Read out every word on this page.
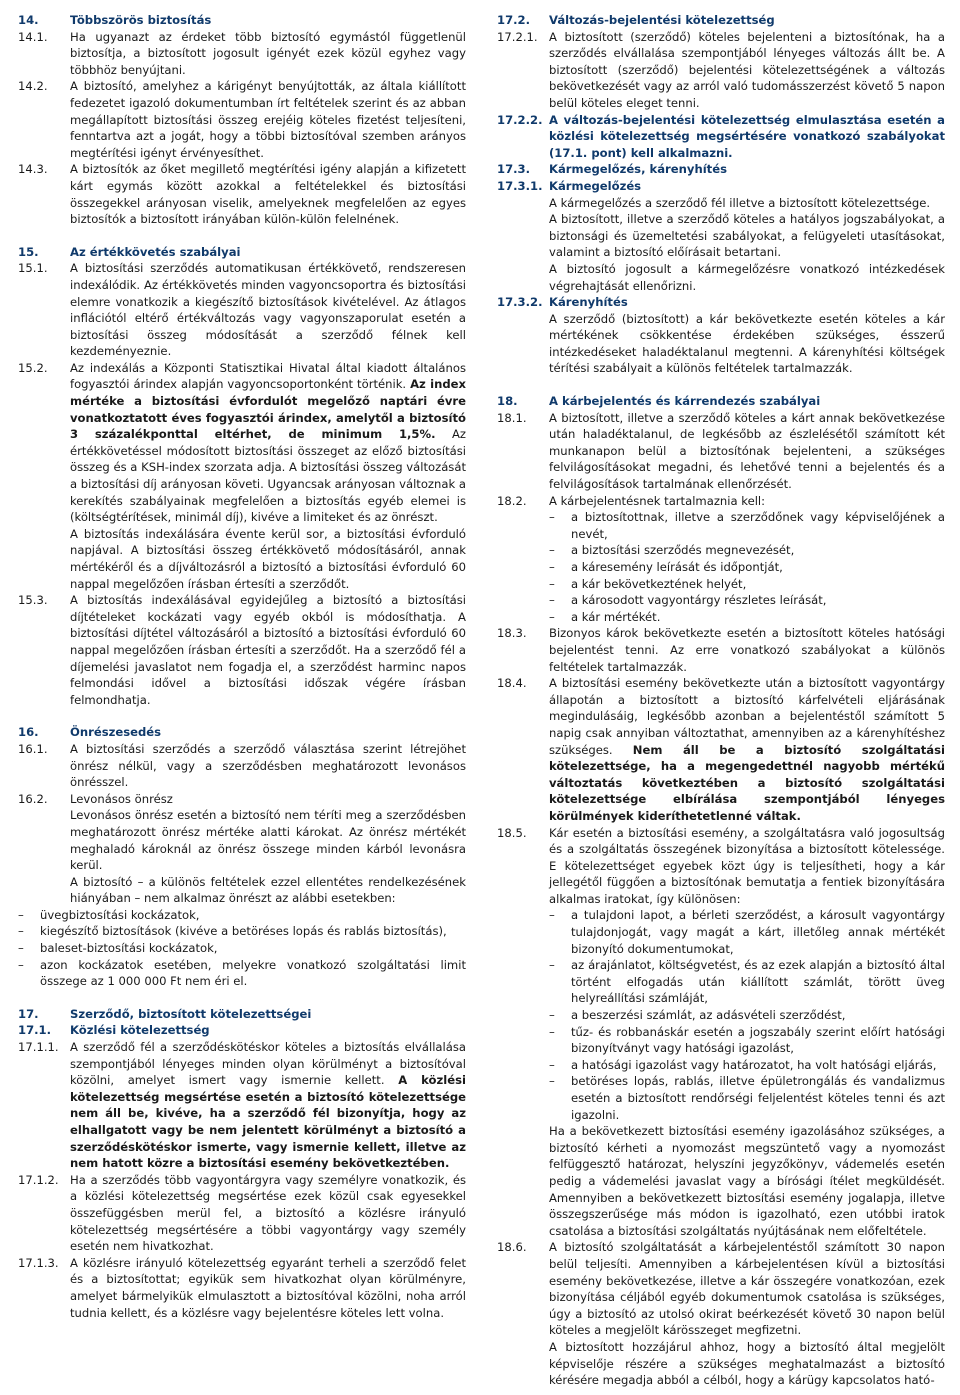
14.	Többszörös biztosítás
14.1.	Ha ugyanazt az érdeket több biztosító egymástól függetlenül biztosítja, a biztosított jogosult igényét ezek közül egyhez vagy többhöz benyújtani.
14.2.	A biztosító, amelyhez a kárigényt benyújtották, az általa kiállított fedezetet igazoló dokumentumban írt feltételek szerint és az abban megállapított biztosítási összeg erejéig köteles fizetést teljesíteni, fenntartva azt a jogát, hogy a többi biztosítóval szemben arányos megtérítési igényt érvényesíthet.
14.3.	A biztosítók az őket megillető megtérítési igény alapján a kifizetett kárt egymás között azokkal a feltételekkel és biztosítási összegekkel arányosan viselik, amelyeknek megfelelően az egyes biztosítók a biztosított irányában külön-külön felelnének.
15.	Az értékkövetés szabályai
15.1.	A biztosítási szerződés automatikusan értékkövető, rendszeresen indexálódik. Az értékkövetés minden vagyoncsoportra és biztosítási elemre vonatkozik a kiegészítő biztosítások kivételével. Az átlagos inflációtól eltérő értékváltozás vagy vagyonszaporulat esetén a biztosítási összeg módosítását a szerződő félnek kell kezdeményeznie.
15.2.	Az indexálás a Központi Statisztikai Hivatal által kiadott általános fogyasztói árindex alapján vagyoncsoportonként történik. Az index mértéke a biztosítási évfordulót megelőző naptári évre vonatkoztatott éves fogyasztói árindex, amelytől a biztosító 3 százalékponttal eltérhet, de minimum 1,5%. Az értékkövetéssel módosított biztosítási összeget az előző biztosítási összeg és a KSH-index szorzata adja. A biztosítási összeg változását a biztosítási díj arányosan követi. Ugyancsak arányosan változnak a kerekítés szabályainak megfelelően a biztosítás egyéb elemei is (költségtérítések, minimál díj), kivéve a limiteket és az önrészt.

A biztosítás indexálására évente kerül sor, a biztosítási évforduló napjával. A biztosítási összeg értékkövető módosításáról, annak mértékéről és a díjváltozásról a biztosító a biztosítási évforduló 60 nappal megelőzően írásban értesíti a szerződőt.

15.3.	A biztosítás indexálásával egyidejűleg a biztosító a biztosítási díjtételeket kockázati vagy egyéb okból is módosíthatja. A biztosítási díjtétel változásáról a biztosító a biztosítási évforduló 60 nappal megelőzően írásban értesíti a szerződőt. Ha a szerződő fél a díjemelési javaslatot nem fogadja el, a szerződést harminc napos felmondási idővel a biztosítási időszak végére írásban felmondhatja.
16.	Önrészesedés
16.1.	A biztosítási szerződés a szerződő választása szerint létrejöhet önrész nélkül, vagy a szerződésben meghatározott levonásos önrésszel.
16.2.	Levonásos önrész

Levonásos önrész esetén a biztosító nem téríti meg a szerződésben meghatározott önrész mértéke alatti károkat. Az önrész mértékét meghaladó károknál az önrész összege minden kárból levonásra kerül.

A biztosító – a különös feltételek ezzel ellentétes rendelkezésének hiányában – nem alkalmaz önrészt az alábbi esetekben:

– üvegbiztosítási kockázatok,
– kiegészítő biztosítások (kivéve a betöréses lopás és rablás biztosítás),
– baleset-biztosítási kockázatok,
– azon kockázatok esetében, melyekre vonatkozó szolgáltatási limit összege az 1 000 000 Ft nem éri el.
17.	Szerződő, biztosított kötelezettségei
17.1.	Közlési kötelezettség
17.1.1. A szerződő fél a szerződéskötéskor köteles a biztosítás elvállalása szempontjából lényeges minden olyan körülményt a biztosítóval közölni, amelyet ismert vagy ismernie kellett. A közlési kötelezettség megsértése esetén a biztosító kötelezettsége nem áll be, kivéve, ha a szerződő fél bizonyítja, hogy az elhallgatott vagy be nem jelentett körülményt a biztosító a szerződéskötéskor ismerte, vagy ismernie kellett, illetve az nem hatott közre a biztosítási esemény bekövetkeztében.
17.1.2. Ha a szerződés több vagyontárgyra vagy személyre vonatkozik, és a közlési kötelezettség megsértése ezek közül csak egyesekkel összefüggésben merül fel, a biztosító a közlésre irányuló kötelezettség megsértésére a többi vagyontárgy vagy személy esetén nem hivatkozhat.
17.1.3. A közlésre irányuló kötelezettség egyaránt terheli a szerződő felet és a biztosítottat; egyikük sem hivatkozhat olyan körülményre, amelyet bármelyikük elmulasztott a biztosítóval közölni, noha arról tudnia kellett, és a közlésre vagy bejelentésre köteles lett volna.
17.2.	Változás-bejelentési kötelezettség
17.2.1. A biztosított (szerződő) köteles bejelenteni a biztosítónak, ha a szerződés elvállalása szempontjából lényeges változás állt be. A biztosított (szerződő) bejelentési kötelezettségének a változás bekövetkezését vagy az arról való tudomásszerzést követő 5 napon belül köteles eleget tenni.
17.2.2. A változás-bejelentési kötelezettség elmulasztása esetén a közlési kötelezettség megsértésére vonatkozó szabályokat (17.1. pont) kell alkalmazni.
17.3.	Kármegelőzés, kárenyhítés
17.3.1. Kármegelőzés

A kármegelőzés a szerződő fél illetve a biztosított kötelezettsége.

A biztosított, illetve a szerződő köteles a hatályos jogszabályokat, a biztonsági és üzemeltetési szabályokat, a felügyeleti utasításokat, valamint a biztosító előírásait betartani.

A biztosító jogosult a kármegelőzésre vonatkozó intézkedések végrehajtását ellenőrizni.

17.3.2. Kárenyhítés
A szerződő (biztosított) a kár bekövetkezte esetén köteles a kár mértékének csökkentése érdekében szükséges, ésszerű intézkedéseket haladéktalanul megtenni. A kárenyhítési költségek térítési szabályait a különös feltételek tartalmazzák.
18.	A kárbejelentés és kárrendezés szabályai
18.1.	A biztosított, illetve a szerződő köteles a kárt annak bekövetkezése után haladéktalanul, de legkésőbb az észlelésétől számított két munkanapon belül a biztosítónak bejelenteni, a szükséges felvilágosításokat megadni, és lehetővé tenni a bejelentés és a felvilágosítások tartalmának ellenőrzését.
18.2.	A kárbejelentésnek tartalmaznia kell:

– a biztosítottnak, illetve a szerződőnek vagy képviselőjének a nevét,
– a biztosítási szerződés megnevezését,
– a káresemény leírását és időpontját,
– a kár bekövetkeztének helyét,
– a károsodott vagyontárgy részletes leírását,
– a kár mértékét.
18.3.	Bizonyos károk bekövetkezte esetén a biztosított köteles hatósági bejelentést tenni. Az erre vonatkozó szabályokat a különös feltételek tartalmazzák.
18.4.	A biztosítási esemény bekövetkezte után a biztosított vagyontárgy állapotán a biztosított a biztosító kárfelvételi eljárásának megindulásáig, legkésőbb azonban a bejelentéstől számított 5 napig csak annyiban változtathat, amennyiben az a kárenyhítéshez szükséges. Nem áll be a biztosító szolgáltatási kötelezettsége, ha a megengedettnél nagyobb mértékű változtatás következtében a biztosító szolgáltatási kötelezettsége elbírálása szempontjából lényeges körülmények kideríthetetlenné váltak.
18.5.	Kár esetén a biztosítási esemény, a szolgáltatásra való jogosultság és a szolgáltatás összegének bizonyítása a biztosított kötelessége. E kötelezettséget egyebek közt úgy is teljesítheti, hogy a kár jellegétől függően a biztosítónak bemutatja a fentiek bizonyítására alkalmas iratokat, így különösen:

– a tulajdoni lapot, a bérleti szerződést, a károsult vagyontárgy tulajdonjogát, vagy magát a kárt, illetőleg annak mértékét bizonyító dokumentumokat,
– az árajánlatot, költségvetést, és az ezek alapján a biztosító által történt elfogadás után kiállított számlát, törött üveg helyreállítási számláját,
– a beszerzési számlát, az adásvételi szerződést,
– tűz- és robbanáskár esetén a jogszabály szerint előírt hatósági bizonyítványt vagy hatósági igazolást,
– a hatósági igazolást vagy határozatot, ha volt hatósági eljárás,
– betöréses lopás, rablás, illetve épületrongálás és vandalizmus esetén a biztosított rendőrségi feljelentést köteles tenni és azt igazolni.

Ha a bekövetkezett biztosítási esemény igazolásához szükséges, a biztosító kérheti a nyomozást megszüntető vagy a nyomozást felfüggesztő határozat, helyszíni jegyzőkönyv, vádemelés esetén pedig a vádemelési javaslat vagy a bírósági ítélet megküldését. Amennyiben a bekövetkezett biztosítási esemény jogalapja, illetve összegszerűsége más módon is igazolható, ezen utóbbi iratok csatolása a biztosítási szolgáltatás nyújtásának nem előfeltétele.

18.6.	A biztosító szolgáltatását a kárbejelentéstől számított 30 napon belül teljesíti. Amennyiben a kárbejelentésen kívül a biztosítási esemény bekövetkezése, illetve a kár összegére vonatkozóan, ezek bizonyítása céljából egyéb dokumentumok csatolása is szükséges, úgy a biztosító az utolsó okirat beérkezését követő 30 napon belül köteles a megjelölt kárösszeget megfizetni.

A biztosított hozzájárul ahhoz, hogy a biztosító által megjelölt képviselője részére a szükséges meghatalmazást a biztosító kérésére megadja abból a célból, hogy a kárügy kapcsolatos ható-
